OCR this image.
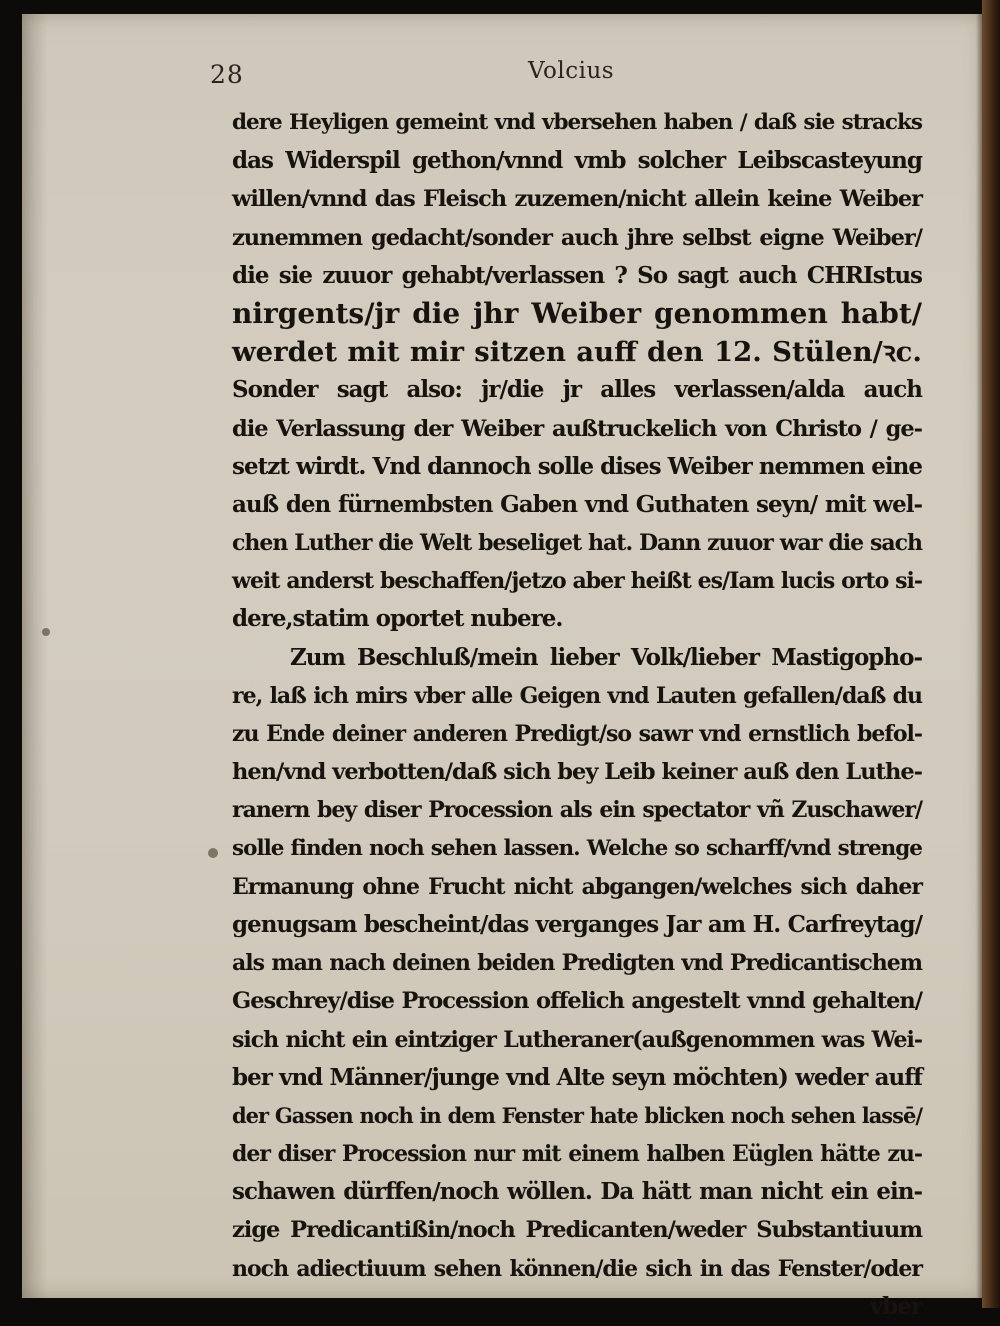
28	Volcius
dere Heyligen gemeint vnd vbersehen haben / daß sie stracks
das Widerspil gethon/vnnd vmb solcher Leibscasteyung
willen/vnnd das Fleisch zuzemen/nicht allein keine Weiber
zunemmen gedacht/sonder auch jhre selbst eigne Weiber/
die sie zuuor gehabt/verlassen ? So sagt auch CHRIstus
nirgents/jr die jhr Weiber genommen habt/
werdet mit mir sitzen auff den 12. Stülen/ꝛc.
Sonder sagt also: jr/die jr alles verlassen/alda auch
die Verlassung der Weiber außtruckelich von Christo / ge-
setzt wirdt. Vnd dannoch solle dises Weiber nemmen eine
auß den fürnembsten Gaben vnd Guthaten seyn/ mit wel-
chen Luther die Welt beseliget hat. Dann zuuor war die sach
weit anderst beschaffen/jetzo aber heißt es/Iam lucis orto si-
dere,statim oportet nubere.
Zum Beschluß/mein lieber Volk/lieber Mastigopho-
re, laß ich mirs vber alle Geigen vnd Lauten gefallen/daß du
zu Ende deiner anderen Predigt/so sawr vnd ernstlich befol-
hen/vnd verbotten/daß sich bey Leib keiner auß den Luthe-
ranern bey diser Procession als ein spectator vñ Zuschawer/
solle finden noch sehen lassen. Welche so scharff/vnd strenge
Ermanung ohne Frucht nicht abgangen/welches sich daher
genugsam bescheint/das verganges Jar am H. Carfreytag/
als man nach deinen beiden Predigten vnd Predicantischem
Geschrey/dise Procession offelich angestelt vnnd gehalten/
sich nicht ein eintziger Lutheraner(außgenommen was Wei-
ber vnd Männer/junge vnd Alte seyn möchten) weder auff
der Gassen noch in dem Fenster hate blicken noch sehen lassē/
der diser Procession nur mit einem halben Eüglen hätte zu-
schawen dürffen/noch wöllen. Da hätt man nicht ein ein-
zige Predicantißin/noch Predicanten/weder Substantiuum
noch adiectiuum sehen können/die sich in das Fenster/oder
vber
